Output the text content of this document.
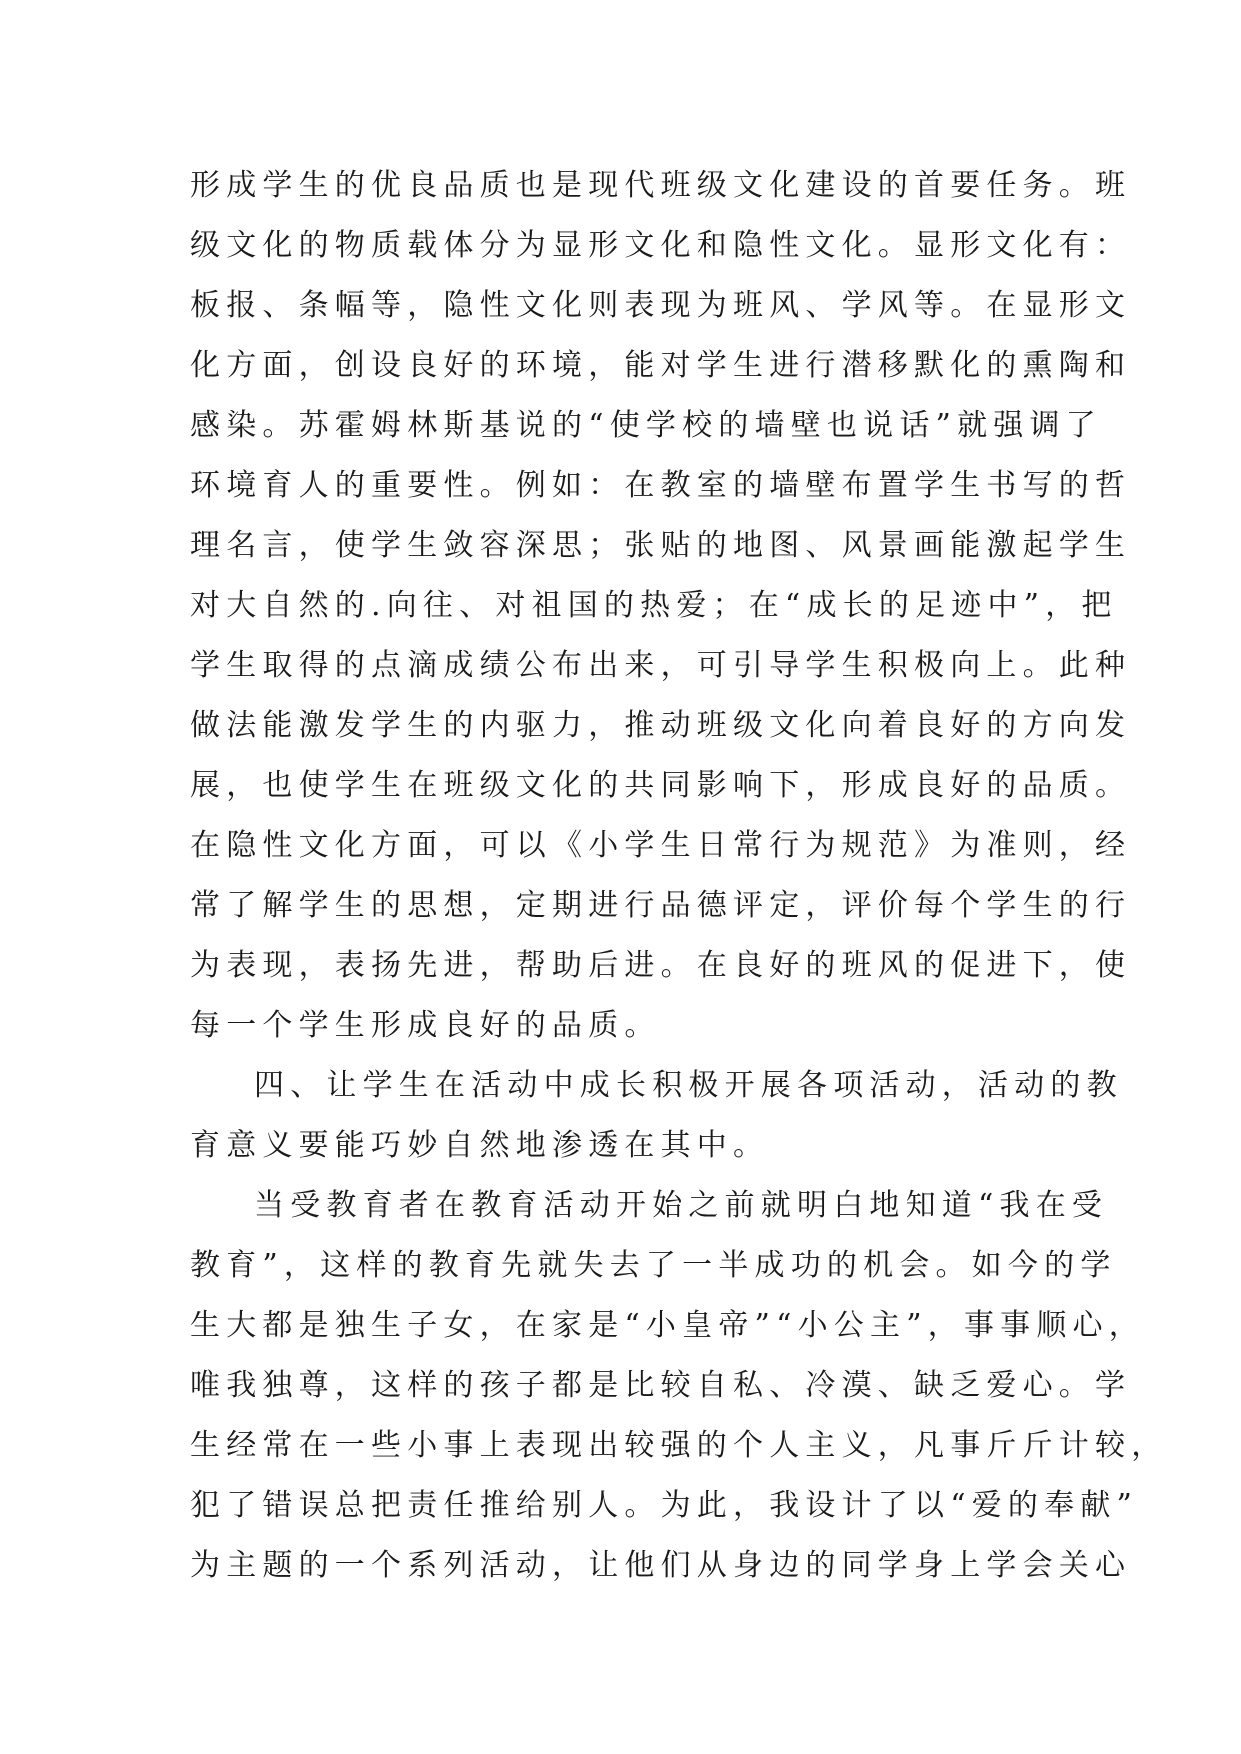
形成学生的优良品质也是现代班级文化建设的首要任务。班
级文化的物质载体分为显形文化和隐性文化。显形文化有：
板报、条幅等，隐性文化则表现为班风、学风等。在显形文
化方面，创设良好的环境，能对学生进行潜移默化的熏陶和
感染。苏霍姆林斯基说的“使学校的墙壁也说话”就强调了
环境育人的重要性。例如：在教室的墙壁布置学生书写的哲
理名言，使学生敛容深思；张贴的地图、风景画能激起学生
对大自然的.向往、对祖国的热爱；在“成长的足迹中”，把
学生取得的点滴成绩公布出来，可引导学生积极向上。此种
做法能激发学生的内驱力，推动班级文化向着良好的方向发
展，也使学生在班级文化的共同影响下，形成良好的品质。
在隐性文化方面，可以《小学生日常行为规范》为准则，经
常了解学生的思想，定期进行品德评定，评价每个学生的行
为表现，表扬先进，帮助后进。在良好的班风的促进下，使
每一个学生形成良好的品质。
四、让学生在活动中成长积极开展各项活动，活动的教
育意义要能巧妙自然地渗透在其中。
当受教育者在教育活动开始之前就明白地知道“我在受
教育”，这样的教育先就失去了一半成功的机会。如今的学
生大都是独生子女，在家是“小皇帝”“小公主”，事事顺心，
唯我独尊，这样的孩子都是比较自私、冷漠、缺乏爱心。学
生经常在一些小事上表现出较强的个人主义，凡事斤斤计较，
犯了错误总把责任推给别人。为此，我设计了以“爱的奉献”
为主题的一个系列活动，让他们从身边的同学身上学会关心
